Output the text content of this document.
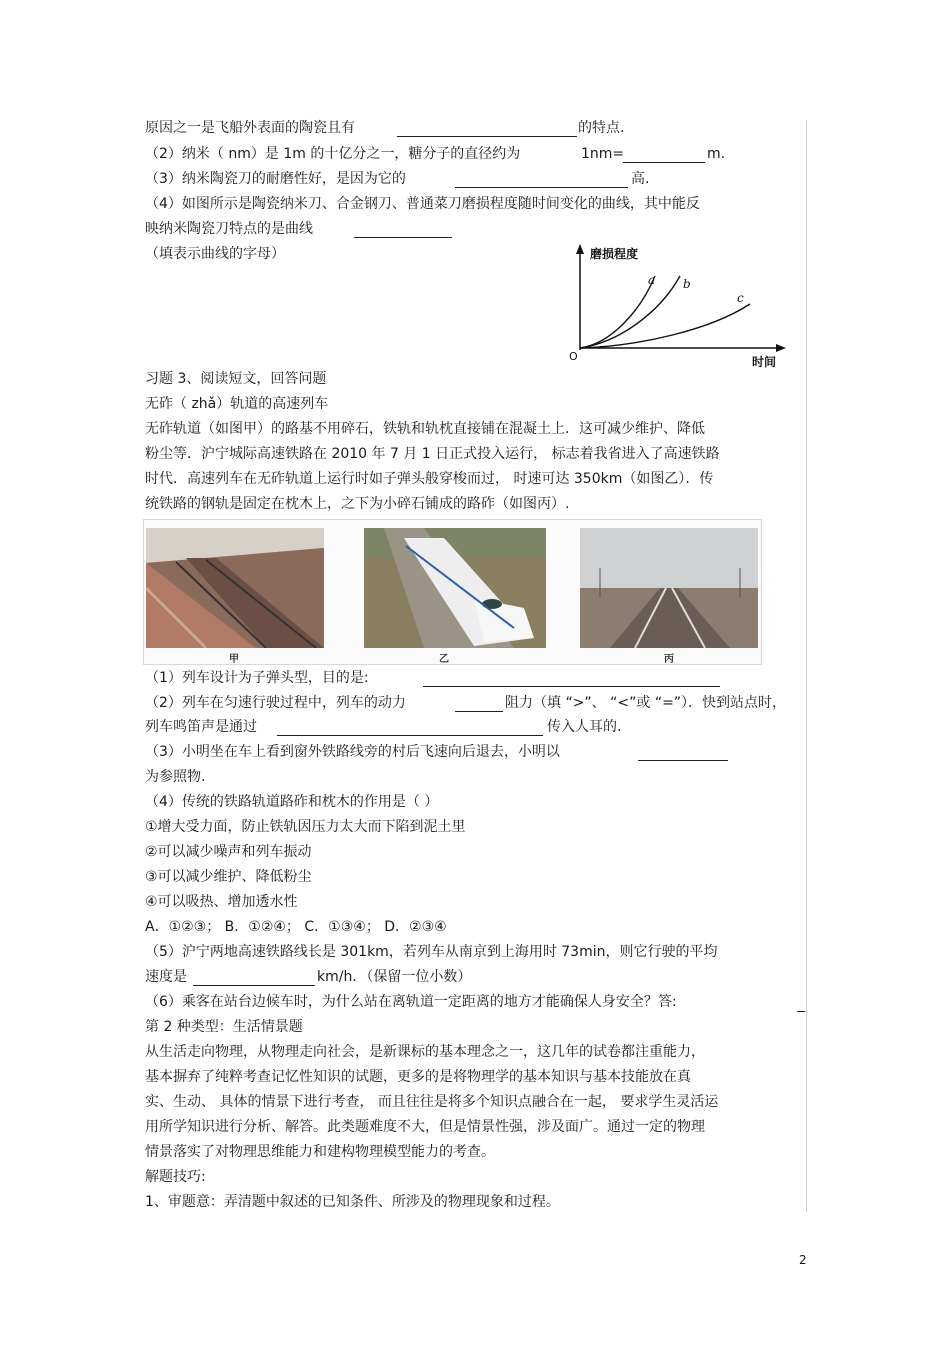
原因之一是飞船外表面的陶瓷且有	的特点.
（2）纳米（ nm）是 1m 的十亿分之一，糖分子的直径约为	1nm=	m.
（3）纳米陶瓷刀的耐磨性好，是因为它的	高.
（4）如图所示是陶瓷纳米刀、合金钢刀、普通菜刀磨损程度随时间变化的曲线，其中能反
映纳米陶瓷刀特点的是曲线
（填表示曲线的字母）	磨损程度
时间
O
a b
c
习题 3、阅读短文，回答问题
无砟（ zhǎ）轨道的高速列车
无砟轨道（如图甲）的路基不用碎石，铁轨和轨枕直接铺在混凝土上．这可减少维护、降低
粉尘等．沪宁城际高速铁路在 2010 年 7 月 1 日正式投入运行， 标志着我省进入了高速铁路
时代．高速列车在无砟轨道上运行时如子弹头般穿梭而过， 时速可达 350km（如图乙）．传
统铁路的钢轨是固定在枕木上，之下为小碎石铺成的路砟（如图丙）.
甲	乙	丙
（1）列车设计为子弹头型，目的是:
（2）列车在匀速行驶过程中，列车的动力	阻力（填 “>”、 “<”或 “=”）．快到站点时，
列车鸣笛声是通过	传入人耳的.
（3）小明坐在车上看到窗外铁路线旁的村后飞速向后退去，小明以
为参照物.
（4）传统的铁路轨道路砟和枕木的作用是（ ）
①增大受力面，防止铁轨因压力太大而下陷到泥土里
②可以减少噪声和列车振动
③可以减少维护、降低粉尘
④可以吸热、增加透水性
A．①②③； B．①②④； C．①③④； D．②③④
（5）沪宁两地高速铁路线长是 301km，若列车从南京到上海用时 73min，则它行驶的平均
速度是	km/h．（保留一位小数）
（6）乘客在站台边候车时，为什么站在离轨道一定距离的地方才能确保人身安全？答:
第 2 种类型：生活情景题
从生活走向物理，从物理走向社会，是新课标的基本理念之一，这几年的试卷都注重能力，
基本摒弃了纯粹考查记忆性知识的试题，更多的是将物理学的基本知识与基本技能放在真
实、生动、 具体的情景下进行考查， 而且往往是将多个知识点融合在一起， 要求学生灵活运
用所学知识进行分析、解答。此类题难度不大，但是情景性强，涉及面广。通过一定的物理
情景落实了对物理思维能力和建构物理模型能力的考查。
解题技巧:
1、审题意：弄清题中叙述的已知条件、所涉及的物理现象和过程。
2
